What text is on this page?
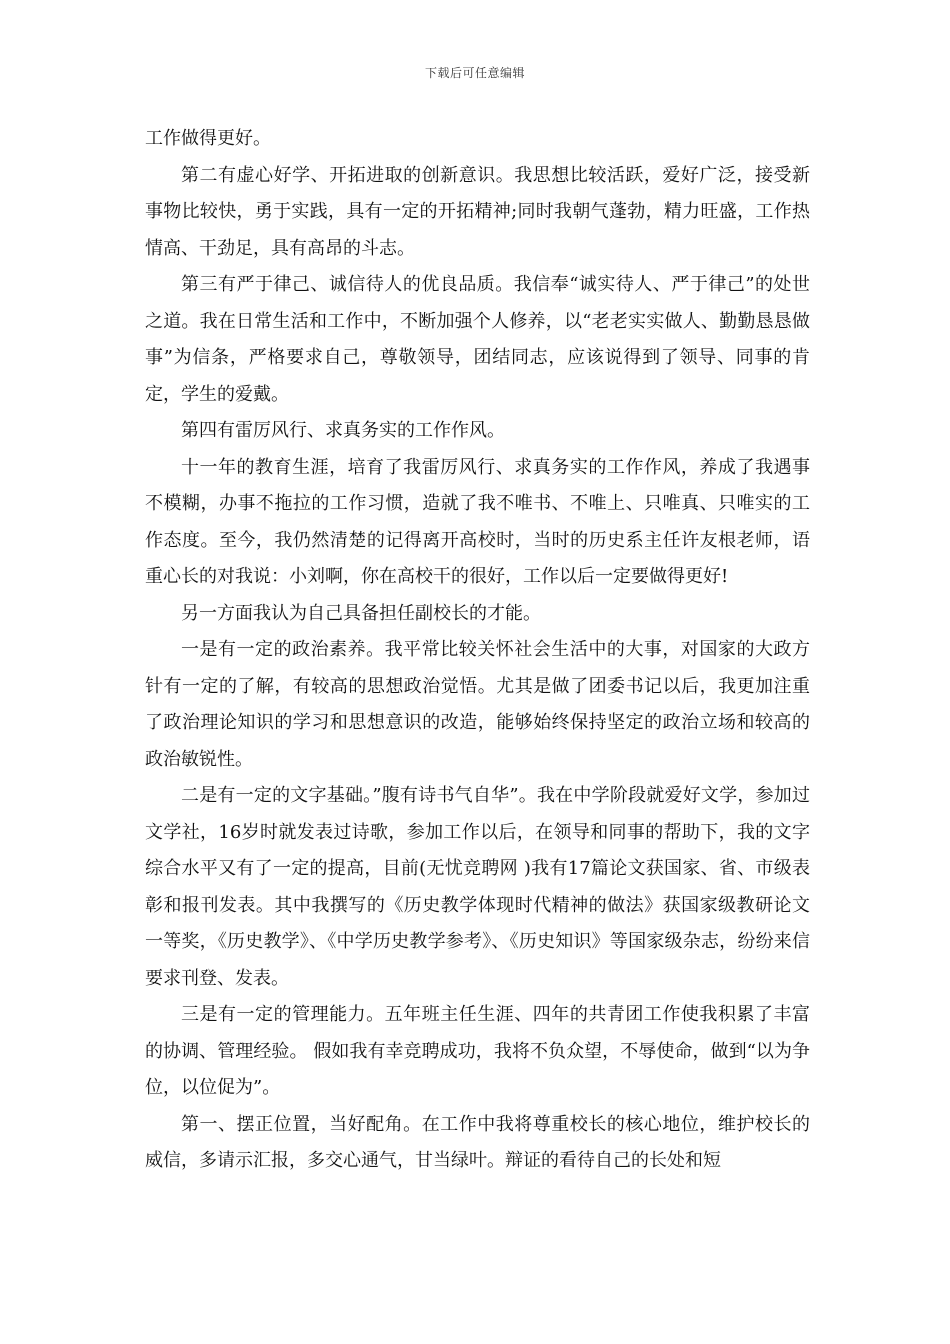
下载后可任意编辑

工作做得更好。

第二有虚心好学、开拓进取的创新意识。我思想比较活跃，爱好广泛，接受新事物比较快，勇于实践，具有一定的开拓精神;同时我朝气蓬勃，精力旺盛，工作热情高、干劲足，具有高昂的斗志。

第三有严于律己、诚信待人的优良品质。我信奉“诚实待人、严于律己”的处世之道。我在日常生活和工作中，不断加强个人修养，以“老老实实做人、勤勤恳恳做事”为信条，严格要求自己，尊敬领导，团结同志，应该说得到了领导、同事的肯定，学生的爱戴。

第四有雷厉风行、求真务实的工作作风。

十一年的教育生涯，培育了我雷厉风行、求真务实的工作作风，养成了我遇事不模糊，办事不拖拉的工作习惯，造就了我不唯书、不唯上、只唯真、只唯实的工作态度。至今，我仍然清楚的记得离开高校时，当时的历史系主任许友根老师，语重心长的对我说：小刘啊，你在高校干的很好，工作以后一定要做得更好!

另一方面我认为自己具备担任副校长的才能。

一是有一定的政治素养。我平常比较关怀社会生活中的大事，对国家的大政方针有一定的了解，有较高的思想政治觉悟。尤其是做了团委书记以后，我更加注重了政治理论知识的学习和思想意识的改造，能够始终保持坚定的政治立场和较高的政治敏锐性。

二是有一定的文字基础。”腹有诗书气自华”。我在中学阶段就爱好文学，参加过文学社，16岁时就发表过诗歌，参加工作以后，在领导和同事的帮助下，我的文字综合水平又有了一定的提高，目前(无忧竞聘网 )我有17篇论文获国家、省、市级表彰和报刊发表。其中我撰写的《历史教学体现时代精神的做法》获国家级教研论文一等奖，《历史教学》、《中学历史教学参考》、《历史知识》等国家级杂志，纷纷来信要求刊登、发表。

三是有一定的管理能力。五年班主任生涯、四年的共青团工作使我积累了丰富的协调、管理经验。 假如我有幸竞聘成功，我将不负众望，不辱使命，做到“以为争位，以位促为”。

第一、摆正位置，当好配角。在工作中我将尊重校长的核心地位，维护校长的威信，多请示汇报，多交心通气，甘当绿叶。辩证的看待自己的长处和短
